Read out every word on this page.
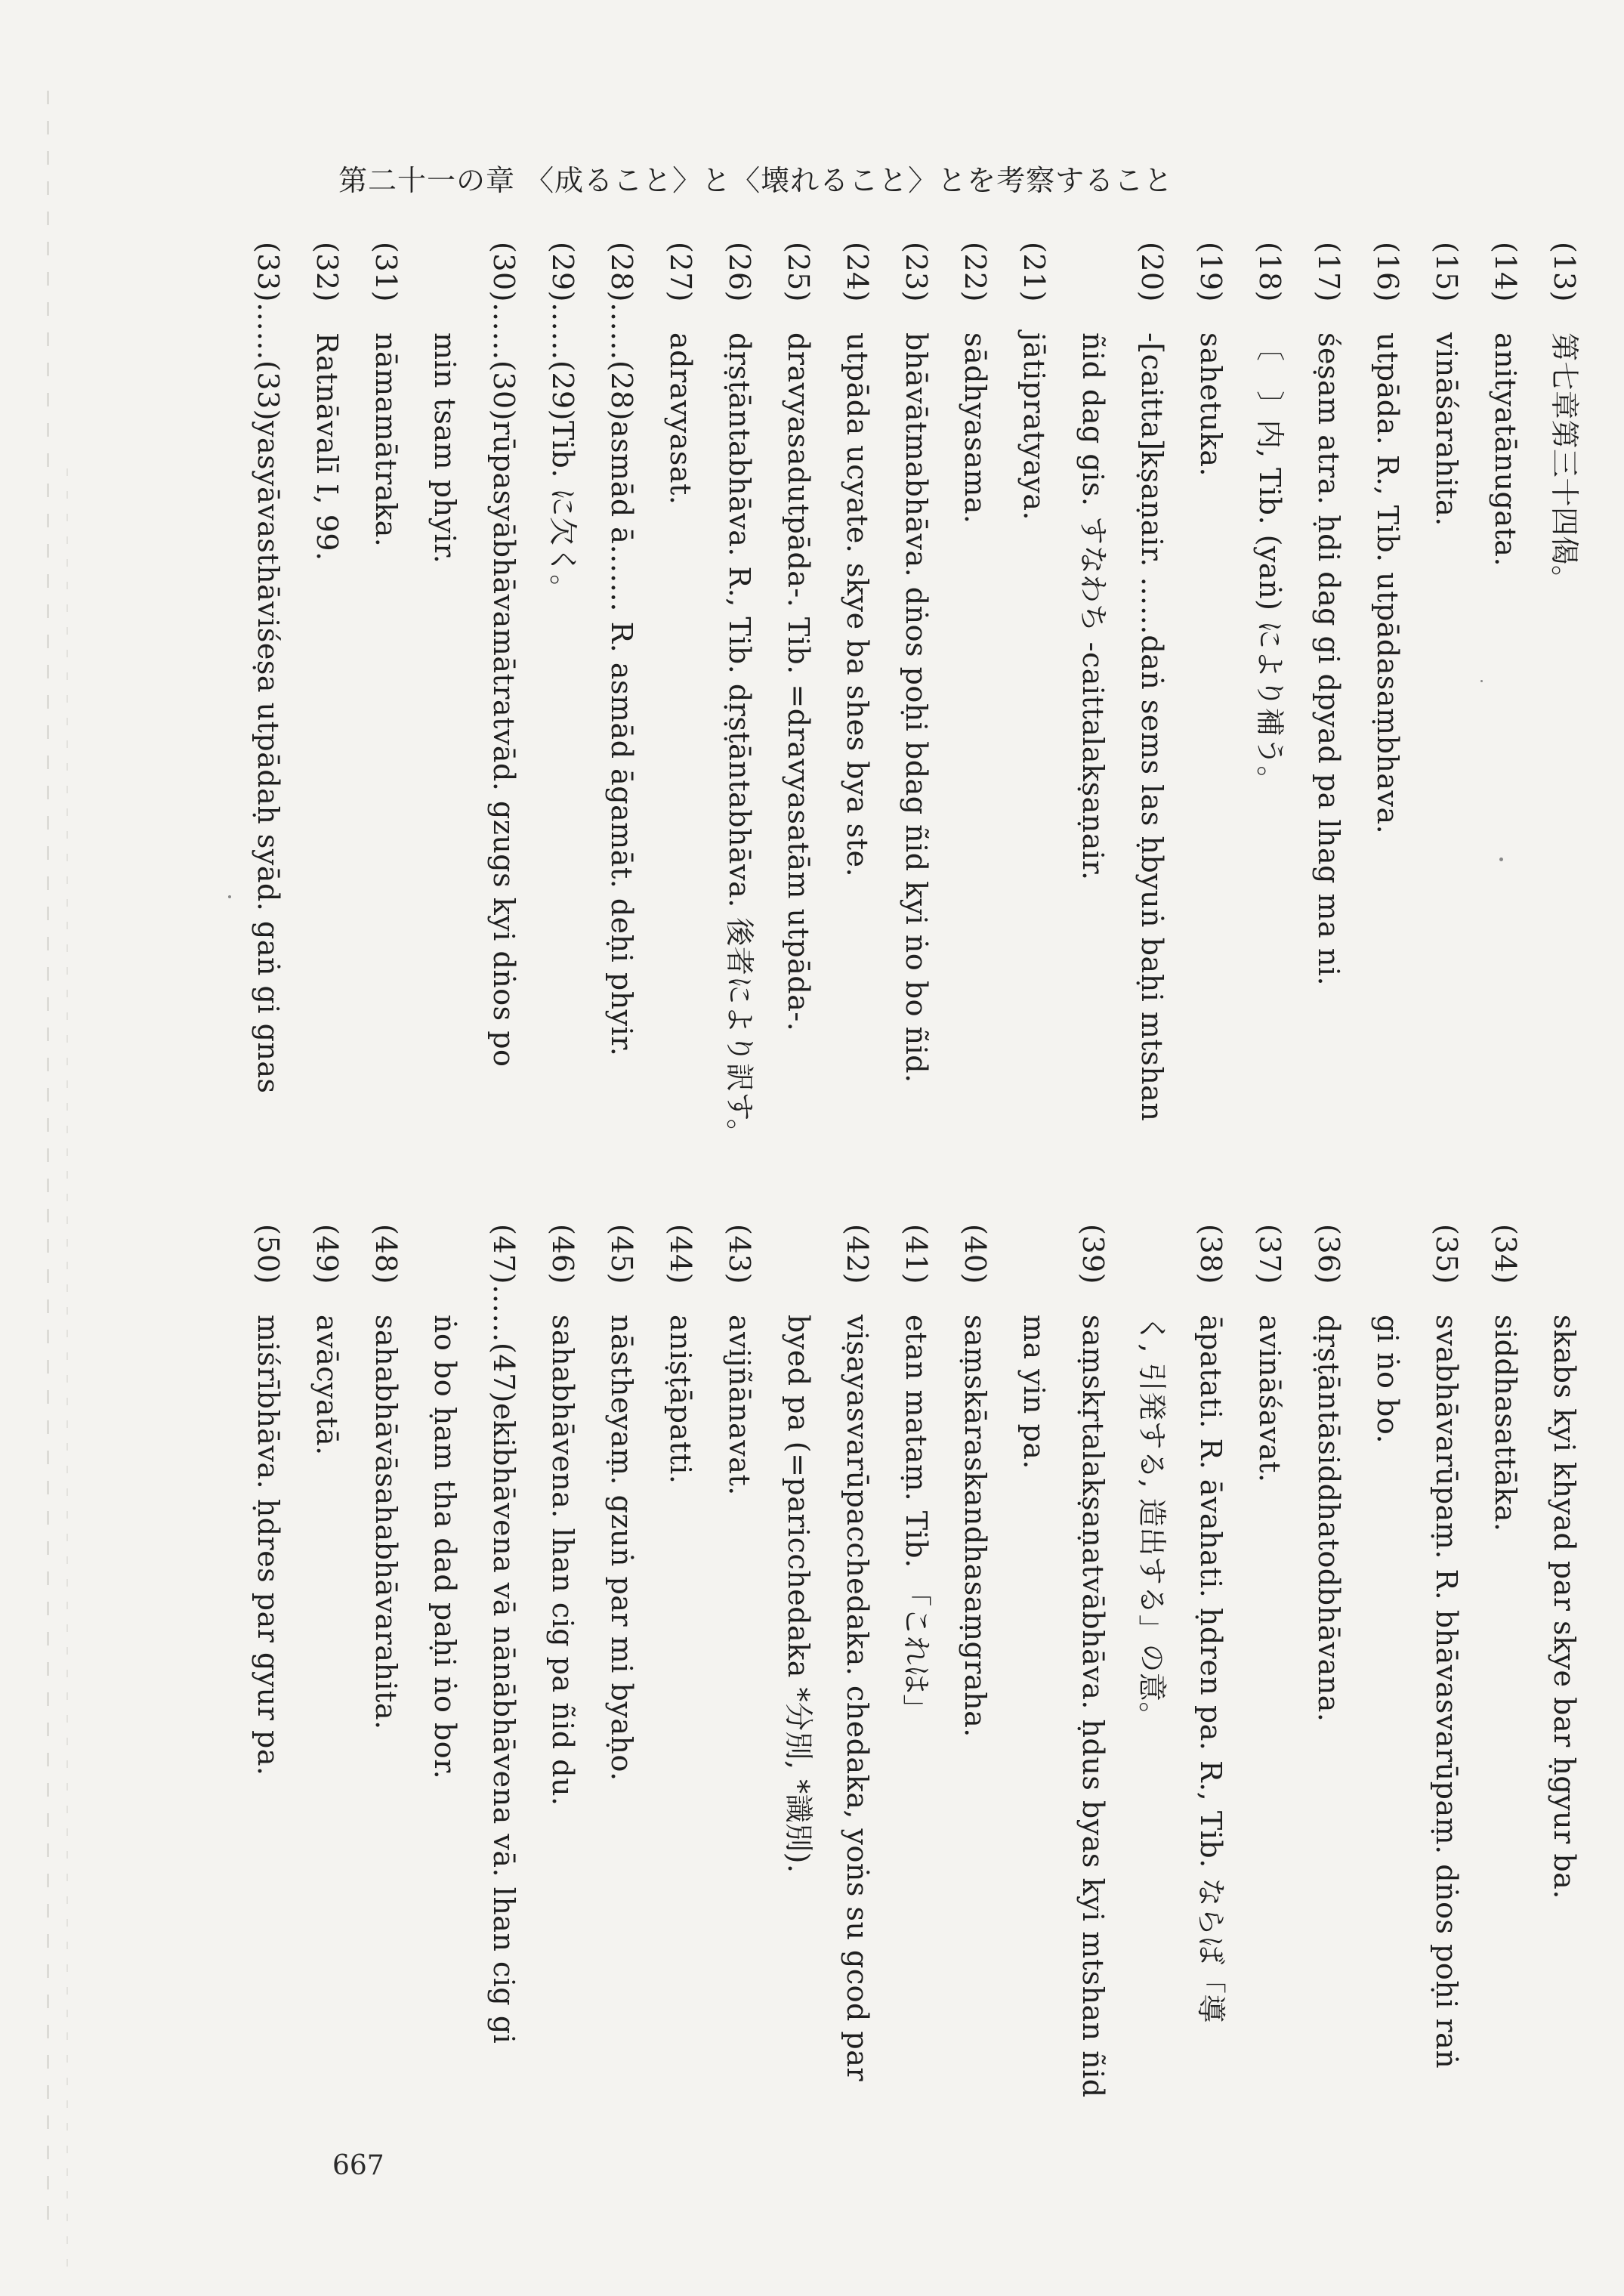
第二十一の章 〈成ること〉と〈壊れること〉とを考察すること
(13)第七章第三十四偈。
(14)anityatānugata.
(15)vināśarahita.
(16)utpāda. R., Tib. utpādasaṃbhava.
(17)śeṣam atra. ḥdi dag gi dpyad pa lhag ma ni.
(18)〔　〕内, Tib. (yaṅ) により補う。
(19)sahetuka.
(20)-[caitta]kṣaṇair. ……daṅ sems las ḥbyuṅ baḥi mtshan
ñid dag gis. すなわち -caittalakṣaṇair.
(21)jātipratyaya.
(22)sādhyasama.
(23)bhāvātmabhāva. dṅos poḥi bdag ñid kyi ṅo bo ñid.
(24)utpāda ucyate. skye ba shes bya ste.
(25)dravyasadutpāda-. Tib. =dravyasatām utpāda-.
(26)dṛṣṭāntabhāva. R., Tib. dṛṣṭāntabhāva. 後者により訳す。
(27)adravyasat.
(28)……(28)asmād ā……. R. asmād āgamāt. deḥi phyir.
(29)……(29)Tib. に欠く。
(30)……(30)rūpasyābhāvamātratvād. gzugs kyi dṅos po
min tsam phyir.
(31)nāmamātraka.
(32)Ratnāvalī I, 99.
(33)……(33)yasyāvasthāviśeṣa utpādaḥ syād. gaṅ gi gnas
skabs kyi khyad par skye bar ḥgyur ba.
(34)siddhasattāka.
(35)svabhāvarūpaṃ. R. bhāvasvarūpaṃ. dṅos poḥi raṅ
gi ṅo bo.
(36)dṛṣṭāntāsiddhatodbhāvana.
(37)avināśavat.
(38)āpatati. R. āvahati. ḥdren pa. R., Tib. ならば「導
く, 引発する, 造出する」の意。
(39)saṃskṛtalakṣaṇatvābhāva. ḥdus byas kyi mtshan ñid
ma yin pa.
(40)saṃskāraskandhasaṃgraha.
(41)etan mataṃ. Tib. 「これは」
(42)viṣayasvarūpacchedaka. chedaka, yoṅs su gcod par
byed pa (=paricchedaka *分別, *識別).
(43)avijñānavat.
(44)aniṣṭāpatti.
(45)nāstheyaṃ. gzuṅ par mi byaḥo.
(46)sahabhāvena. lhan cig pa ñid du.
(47)……(47)ekibhāvena vā nānābhāvena vā. lhan cig gi
ṅo bo ḥam tha dad paḥi ṅo bor.
(48)sahabhāvāsahabhāvarahita.
(49)avācyatā.
(50)miśrībhāva. ḥdres par gyur pa.
667
